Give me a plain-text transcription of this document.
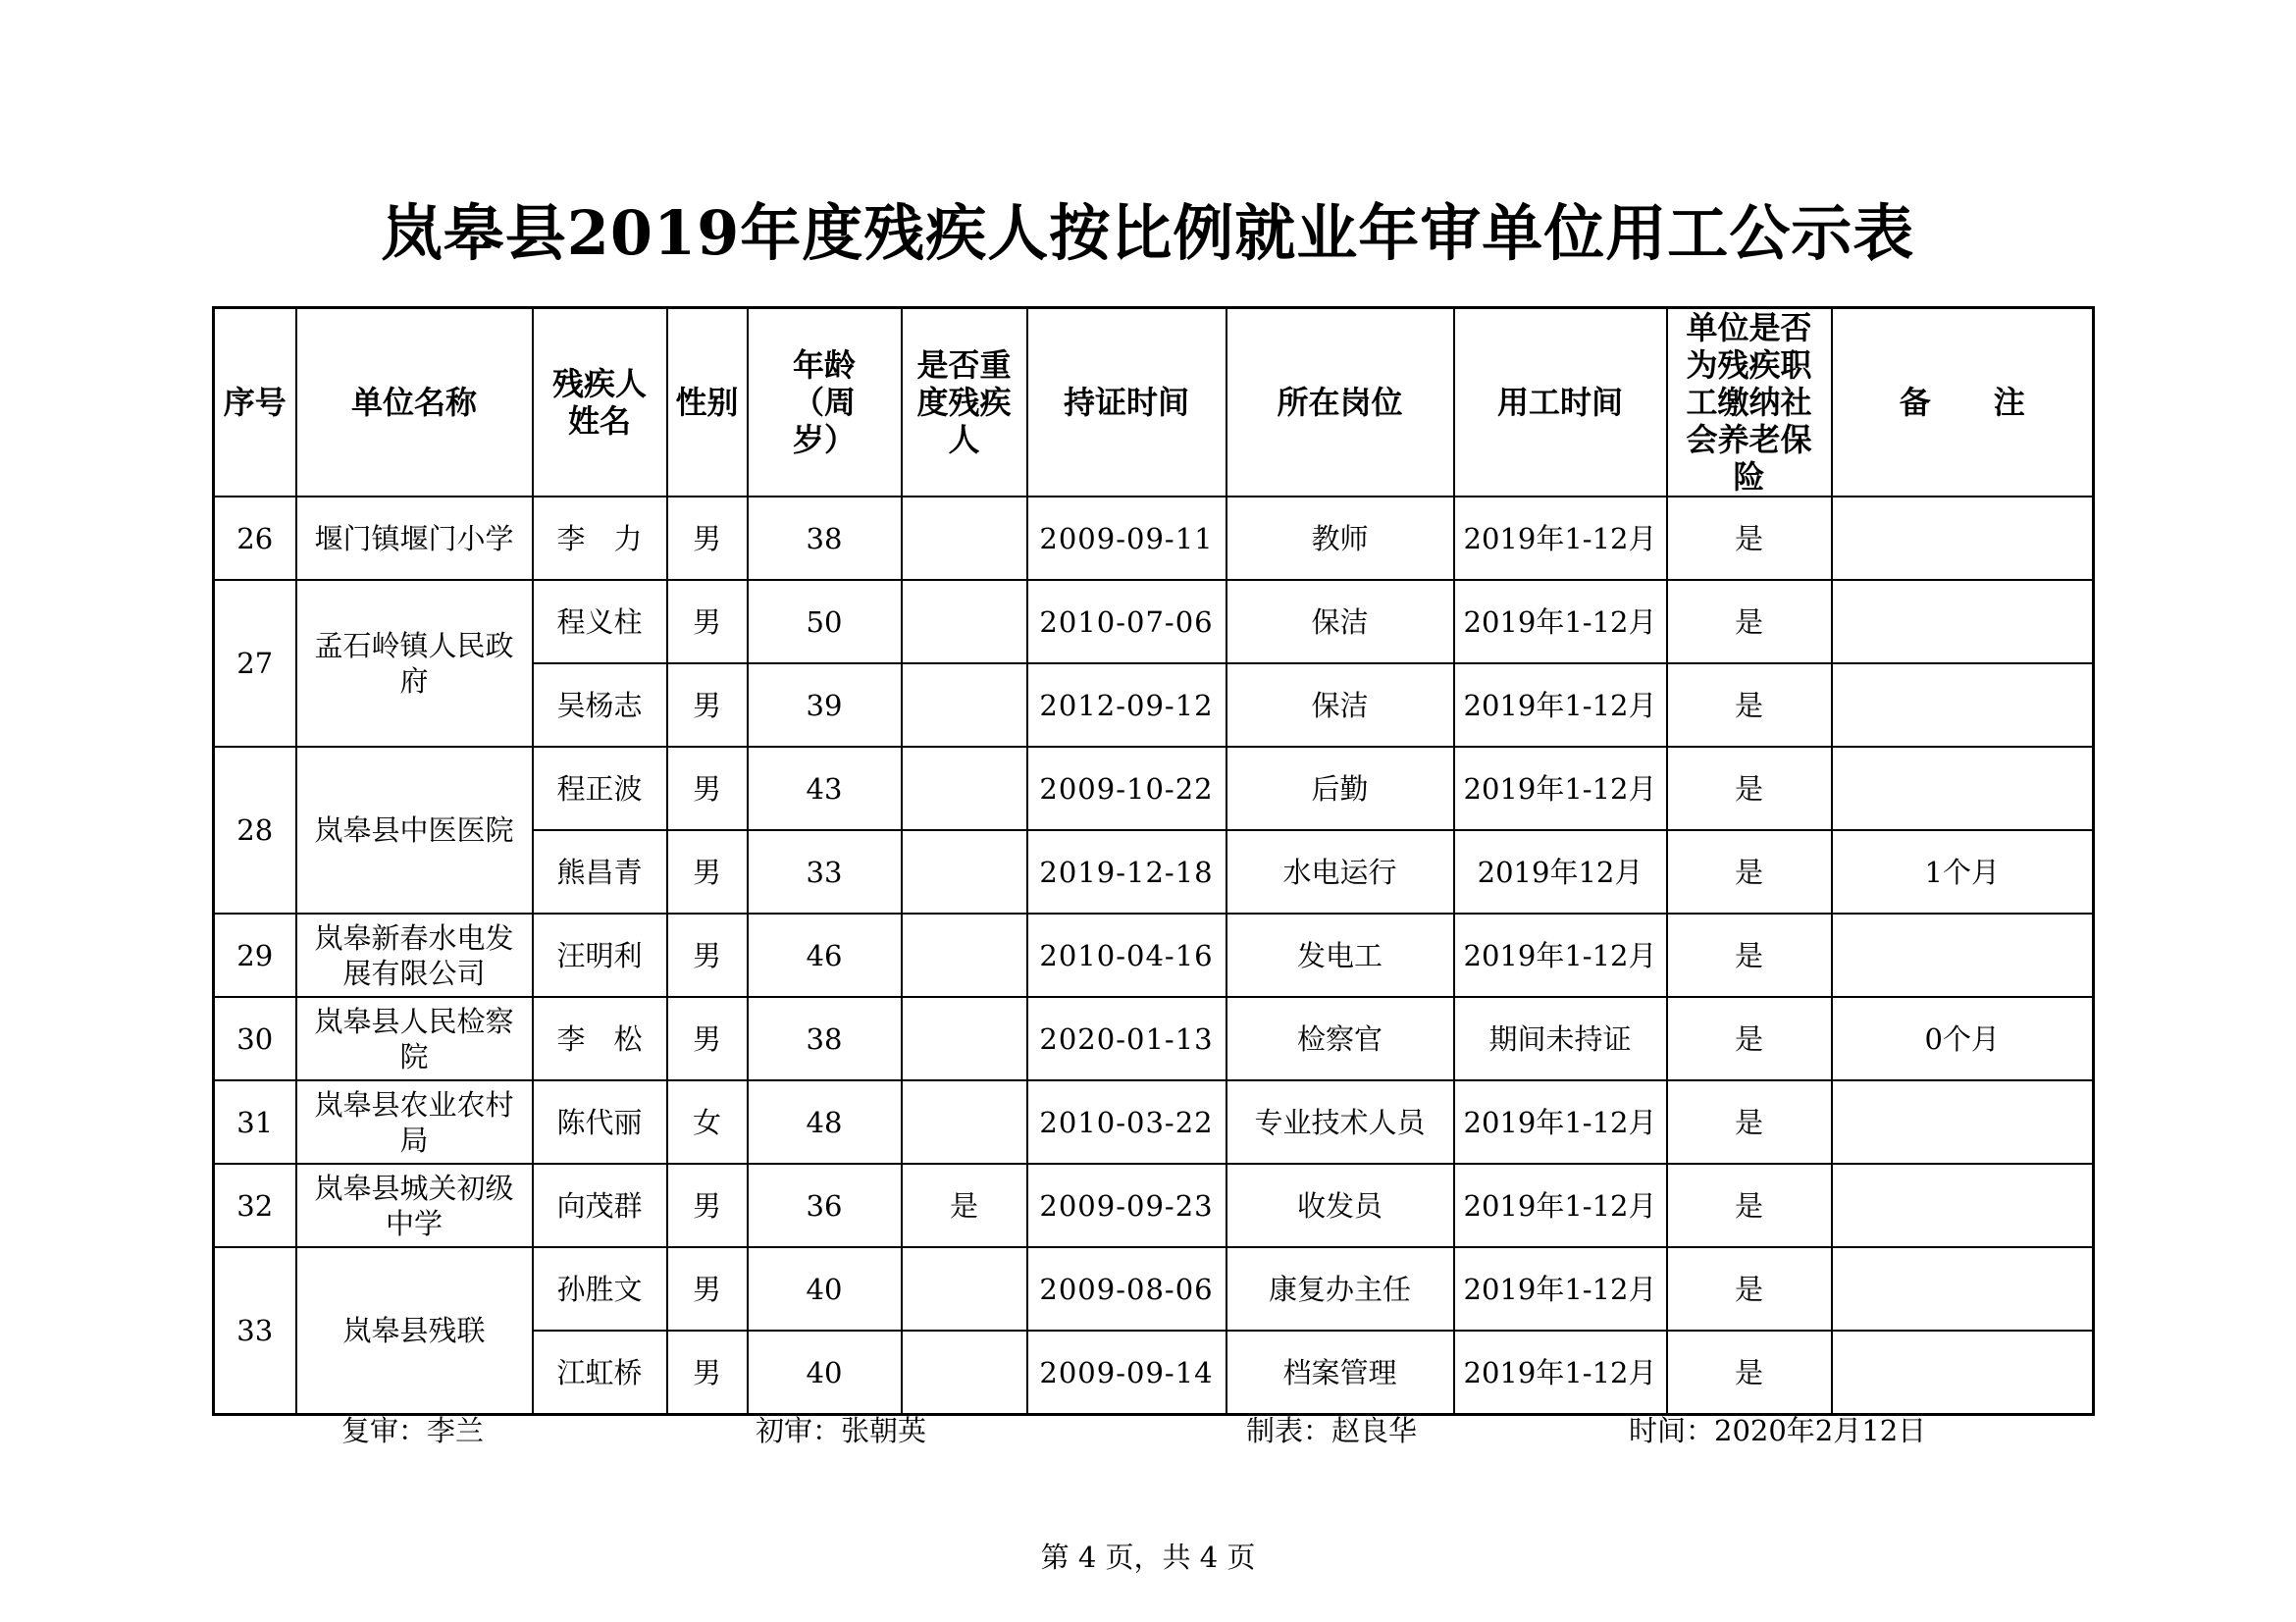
岚皋县2019年度残疾人按比例就业年审单位用工公示表
序号	单位名称	残疾人姓名	性别	年龄（周岁）	是否重度残疾人	持证时间	所在岗位	用工时间	单位是否为残疾职工缴纳社会养老保险	备　　注
26	堰门镇堰门小学	李　力	男	38		2009-09-11	教师	2019年1-12月	是	
27	孟石岭镇人民政府	程义柱	男	50		2010-07-06	保洁	2019年1-12月	是	
		吴杨志	男	39		2012-09-12	保洁	2019年1-12月	是	
28	岚皋县中医医院	程正波	男	43		2009-10-22	后勤	2019年1-12月	是	
		熊昌青	男	33		2019-12-18	水电运行	2019年12月	是	1个月
29	岚皋新春水电发展有限公司	汪明利	男	46		2010-04-16	发电工	2019年1-12月	是	
30	岚皋县人民检察院	李　松	男	38		2020-01-13	检察官	期间未持证	是	0个月
31	岚皋县农业农村局	陈代丽	女	48		2010-03-22	专业技术人员	2019年1-12月	是	
32	岚皋县城关初级中学	向茂群	男	36	是	2009-09-23	收发员	2019年1-12月	是	
33	岚皋县残联	孙胜文	男	40		2009-08-06	康复办主任	2019年1-12月	是	
		江虹桥	男	40		2009-09-14	档案管理	2019年1-12月	是	
复审：李兰	初审：张朝英	制表：赵良华	时间：2020年2月12日
第 4 页，共 4 页
